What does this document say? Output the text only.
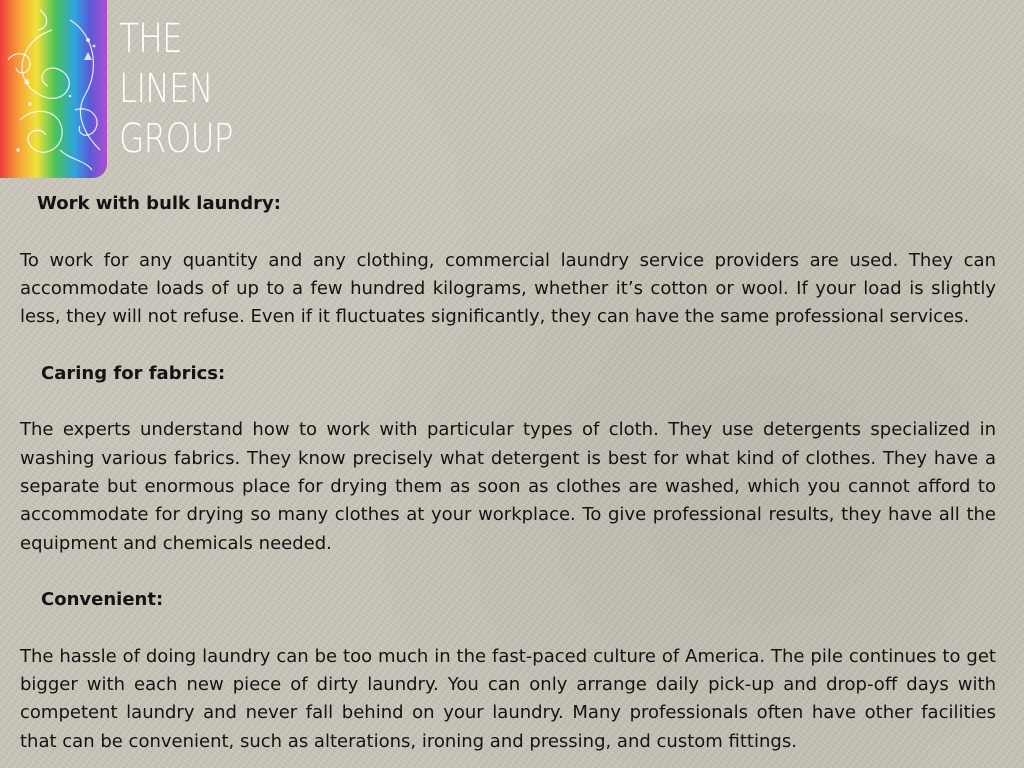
THE
LINEN
GROUP

Work with bulk laundry:

To work for any quantity and any clothing, commercial laundry service providers are used. They can accommodate loads of up to a few hundred kilograms, whether it’s cotton or wool. If your load is slightly less, they will not refuse. Even if it fluctuates significantly, they can have the same professional services.

Caring for fabrics:

The experts understand how to work with particular types of cloth. They use detergents specialized in washing various fabrics. They know precisely what detergent is best for what kind of clothes. They have a separate but enormous place for drying them as soon as clothes are washed, which you cannot afford to accommodate for drying so many clothes at your workplace. To give professional results, they have all the equipment and chemicals needed.

Convenient:

The hassle of doing laundry can be too much in the fast-paced culture of America. The pile continues to get bigger with each new piece of dirty laundry. You can only arrange daily pick-up and drop-off days with competent laundry and never fall behind on your laundry. Many professionals often have other facilities that can be convenient, such as alterations, ironing and pressing, and custom fittings.
